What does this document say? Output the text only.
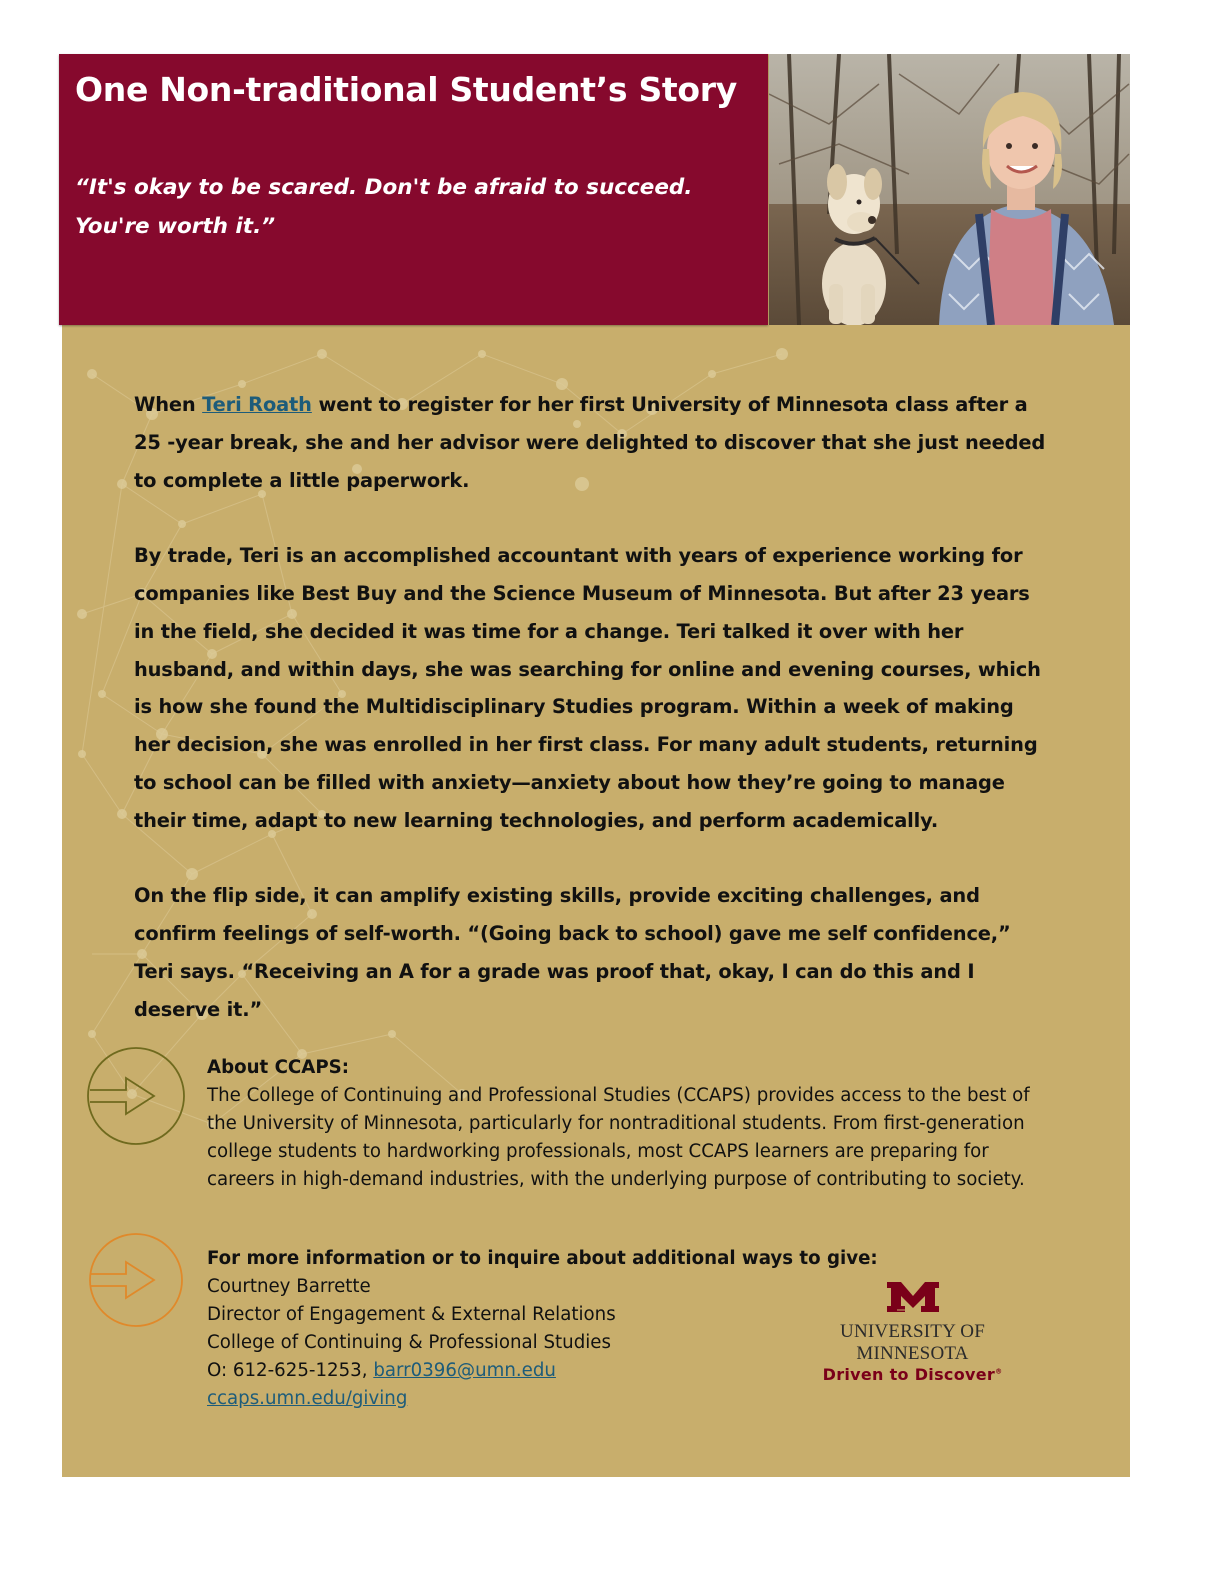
One Non-traditional Student’s Story

“It's okay to be scared. Don't be afraid to succeed.
You're worth it.”

When Teri Roath went to register for her first University of Minnesota class after a 25 -year break, she and her advisor were delighted to discover that she just needed to complete a little paperwork.

By trade, Teri is an accomplished accountant with years of experience working for companies like Best Buy and the Science Museum of Minnesota. But after 23 years in the field, she decided it was time for a change. Teri talked it over with her husband, and within days, she was searching for online and evening courses, which is how she found the Multidisciplinary Studies program. Within a week of making her decision, she was enrolled in her first class. For many adult students, returning to school can be filled with anxiety—anxiety about how they’re going to manage their time, adapt to new learning technologies, and perform academically.

On the flip side, it can amplify existing skills, provide exciting challenges, and confirm feelings of self-worth. “(Going back to school) gave me self confidence,” Teri says. “Receiving an A for a grade was proof that, okay, I can do this and I deserve it.”

About CCAPS:
The College of Continuing and Professional Studies (CCAPS) provides access to the best of the University of Minnesota, particularly for nontraditional students. From first-generation college students to hardworking professionals, most CCAPS learners are preparing for careers in high-demand industries, with the underlying purpose of contributing to society.
For more information or to inquire about additional ways to give:
Courtney Barrette
Director of Engagement & External Relations
College of Continuing & Professional Studies
O: 612-625-1253, barr0396@umn.edu
ccaps.umn.edu/giving
UNIVERSITY OF MINNESOTA
Driven to Discover®
